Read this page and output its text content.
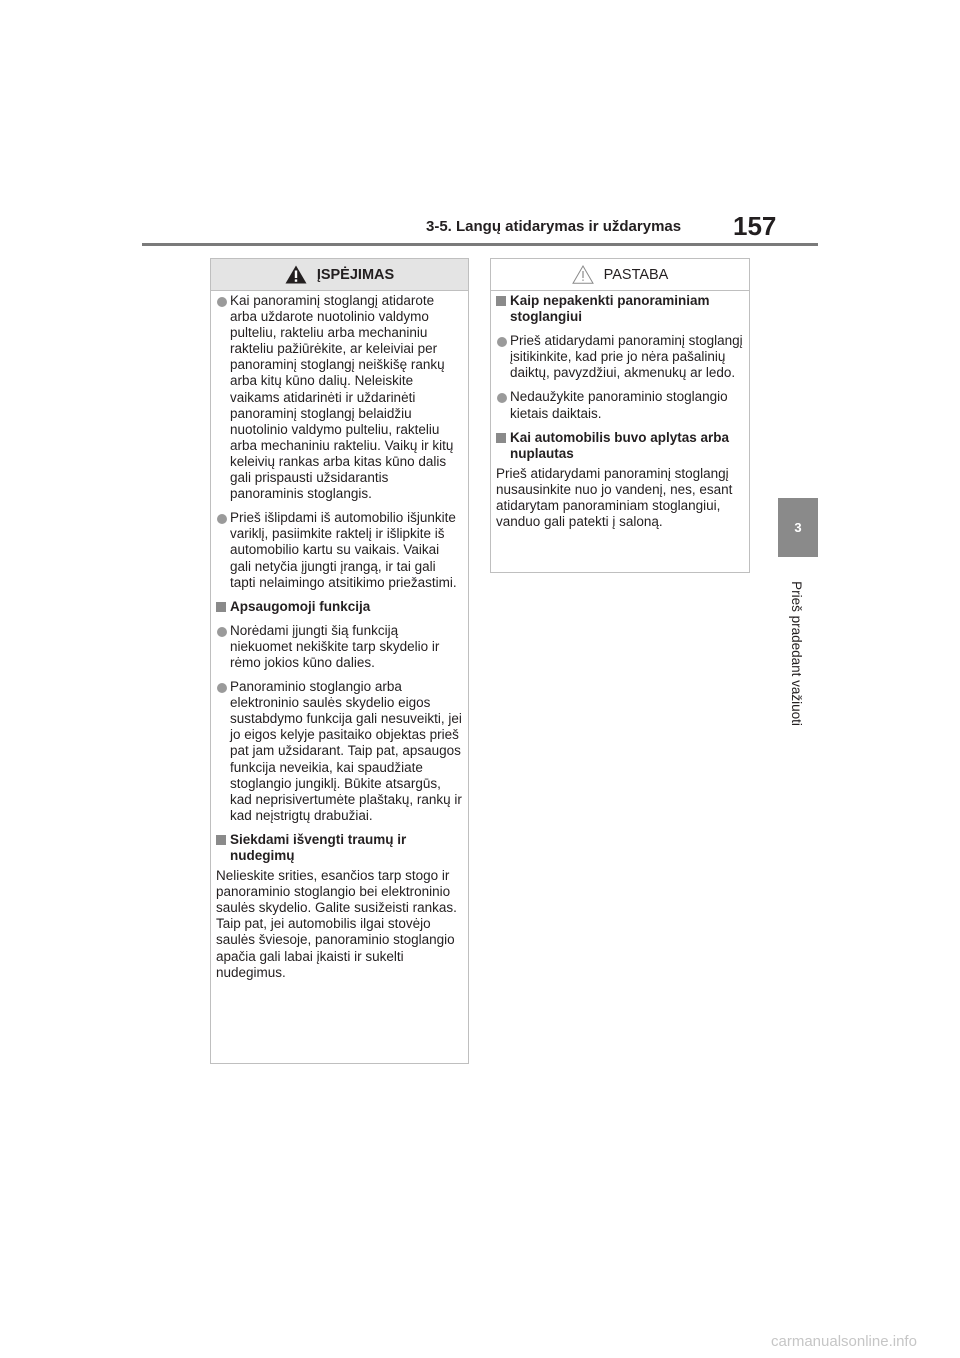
3-5. Langų atidarymas ir uždarymas 157
3
Prieš pradedant važiuoti
ĮSPĖJIMAS

Kai panoraminį stoglangį atidarote arba uždarote nuotolinio valdymo pulteliu, rakteliu arba mechaniniu rakteliu pažiūrėkite, ar keleiviai per panoraminį stoglangį neiškišę rankų arba kitų kūno dalių. Neleiskite vaikams atidarinėti ir uždarinėti panoraminį stoglangį belaidžiu nuotolinio valdymo pulteliu, rakteliu arba mechaniniu rakteliu. Vaikų ir kitų keleivių rankas arba kitas kūno dalis gali prispausti užsidarantis panoraminis stoglangis.

Prieš išlipdami iš automobilio išjunkite variklį, pasiimkite raktelį ir išlipkite iš automobilio kartu su vaikais. Vaikai gali netyčia įjungti įrangą, ir tai gali tapti nelaimingo atsitikimo priežastimi.

Apsaugomoji funkcija

Norėdami įjungti šią funkciją niekuomet nekiškite tarp skydelio ir rėmo jokios kūno dalies.

Panoraminio stoglangio arba elektroninio saulės skydelio eigos sustabdymo funkcija gali nesuveikti, jei jo eigos kelyje pasitaiko objektas prieš pat jam užsidarant. Taip pat, apsaugos funkcija neveikia, kai spaudžiate stoglangio jungiklį. Būkite atsargūs, kad neprisivertumėte plaštakų, rankų ir kad neįstrigtų drabužiai.

Siekdami išvengti traumų ir nudegimų

Nelieskite srities, esančios tarp stogo ir panoraminio stoglangio bei elektroninio saulės skydelio. Galite susižeisti rankas. Taip pat, jei automobilis ilgai stovėjo saulės šviesoje, panoraminio stoglangio apačia gali labai įkaisti ir sukelti nudegimus.

PASTABA

Kaip nepakenkti panoraminiam stoglangiui

Prieš atidarydami panoraminį stoglangį įsitikinkite, kad prie jo nėra pašalinių daiktų, pavyzdžiui, akmenukų ar ledo.

Nedaužykite panoraminio stoglangio kietais daiktais.

Kai automobilis buvo aplytas arba nuplautas

Prieš atidarydami panoraminį stoglangį nusausinkite nuo jo vandenį, nes, esant atidarytam panoraminiam stoglangiui, vanduo gali patekti į saloną.

carmanualsonline.info
